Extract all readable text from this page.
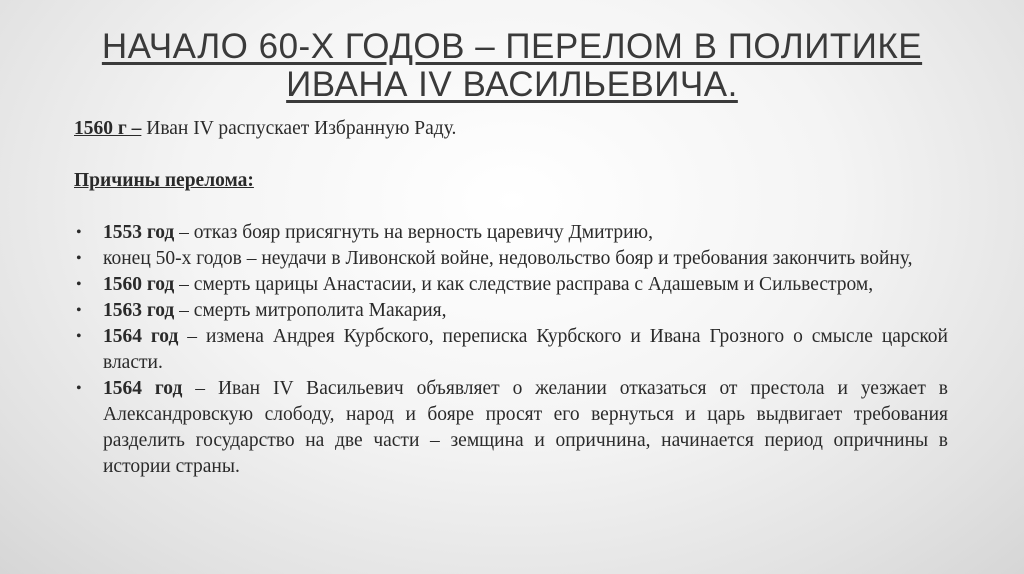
НАЧАЛО 60-Х ГОДОВ – ПЕРЕЛОМ В ПОЛИТИКЕ
ИВАНА IV ВАСИЛЬЕВИЧА.

1560 г – Иван IV распускает Избранную Раду.

Причины перелома:

• 1553 год – отказ бояр присягнуть на верность царевичу Дмитрию,
• конец 50-х годов – неудачи в Ливонской войне, недовольство бояр и требования закончить войну,
• 1560 год – смерть царицы Анастасии, и как следствие расправа с Адашевым и Сильвестром,
• 1563 год – смерть митрополита Макария,
• 1564 год – измена Андрея Курбского, переписка Курбского и Ивана Грозного о смысле царской власти.
• 1564 год – Иван IV Васильевич объявляет о желании отказаться от престола и уезжает в Александровскую слободу, народ и бояре просят его вернуться и царь выдвигает требования разделить государство на две части – земщина и опричнина, начинается период опричнины в истории страны.
